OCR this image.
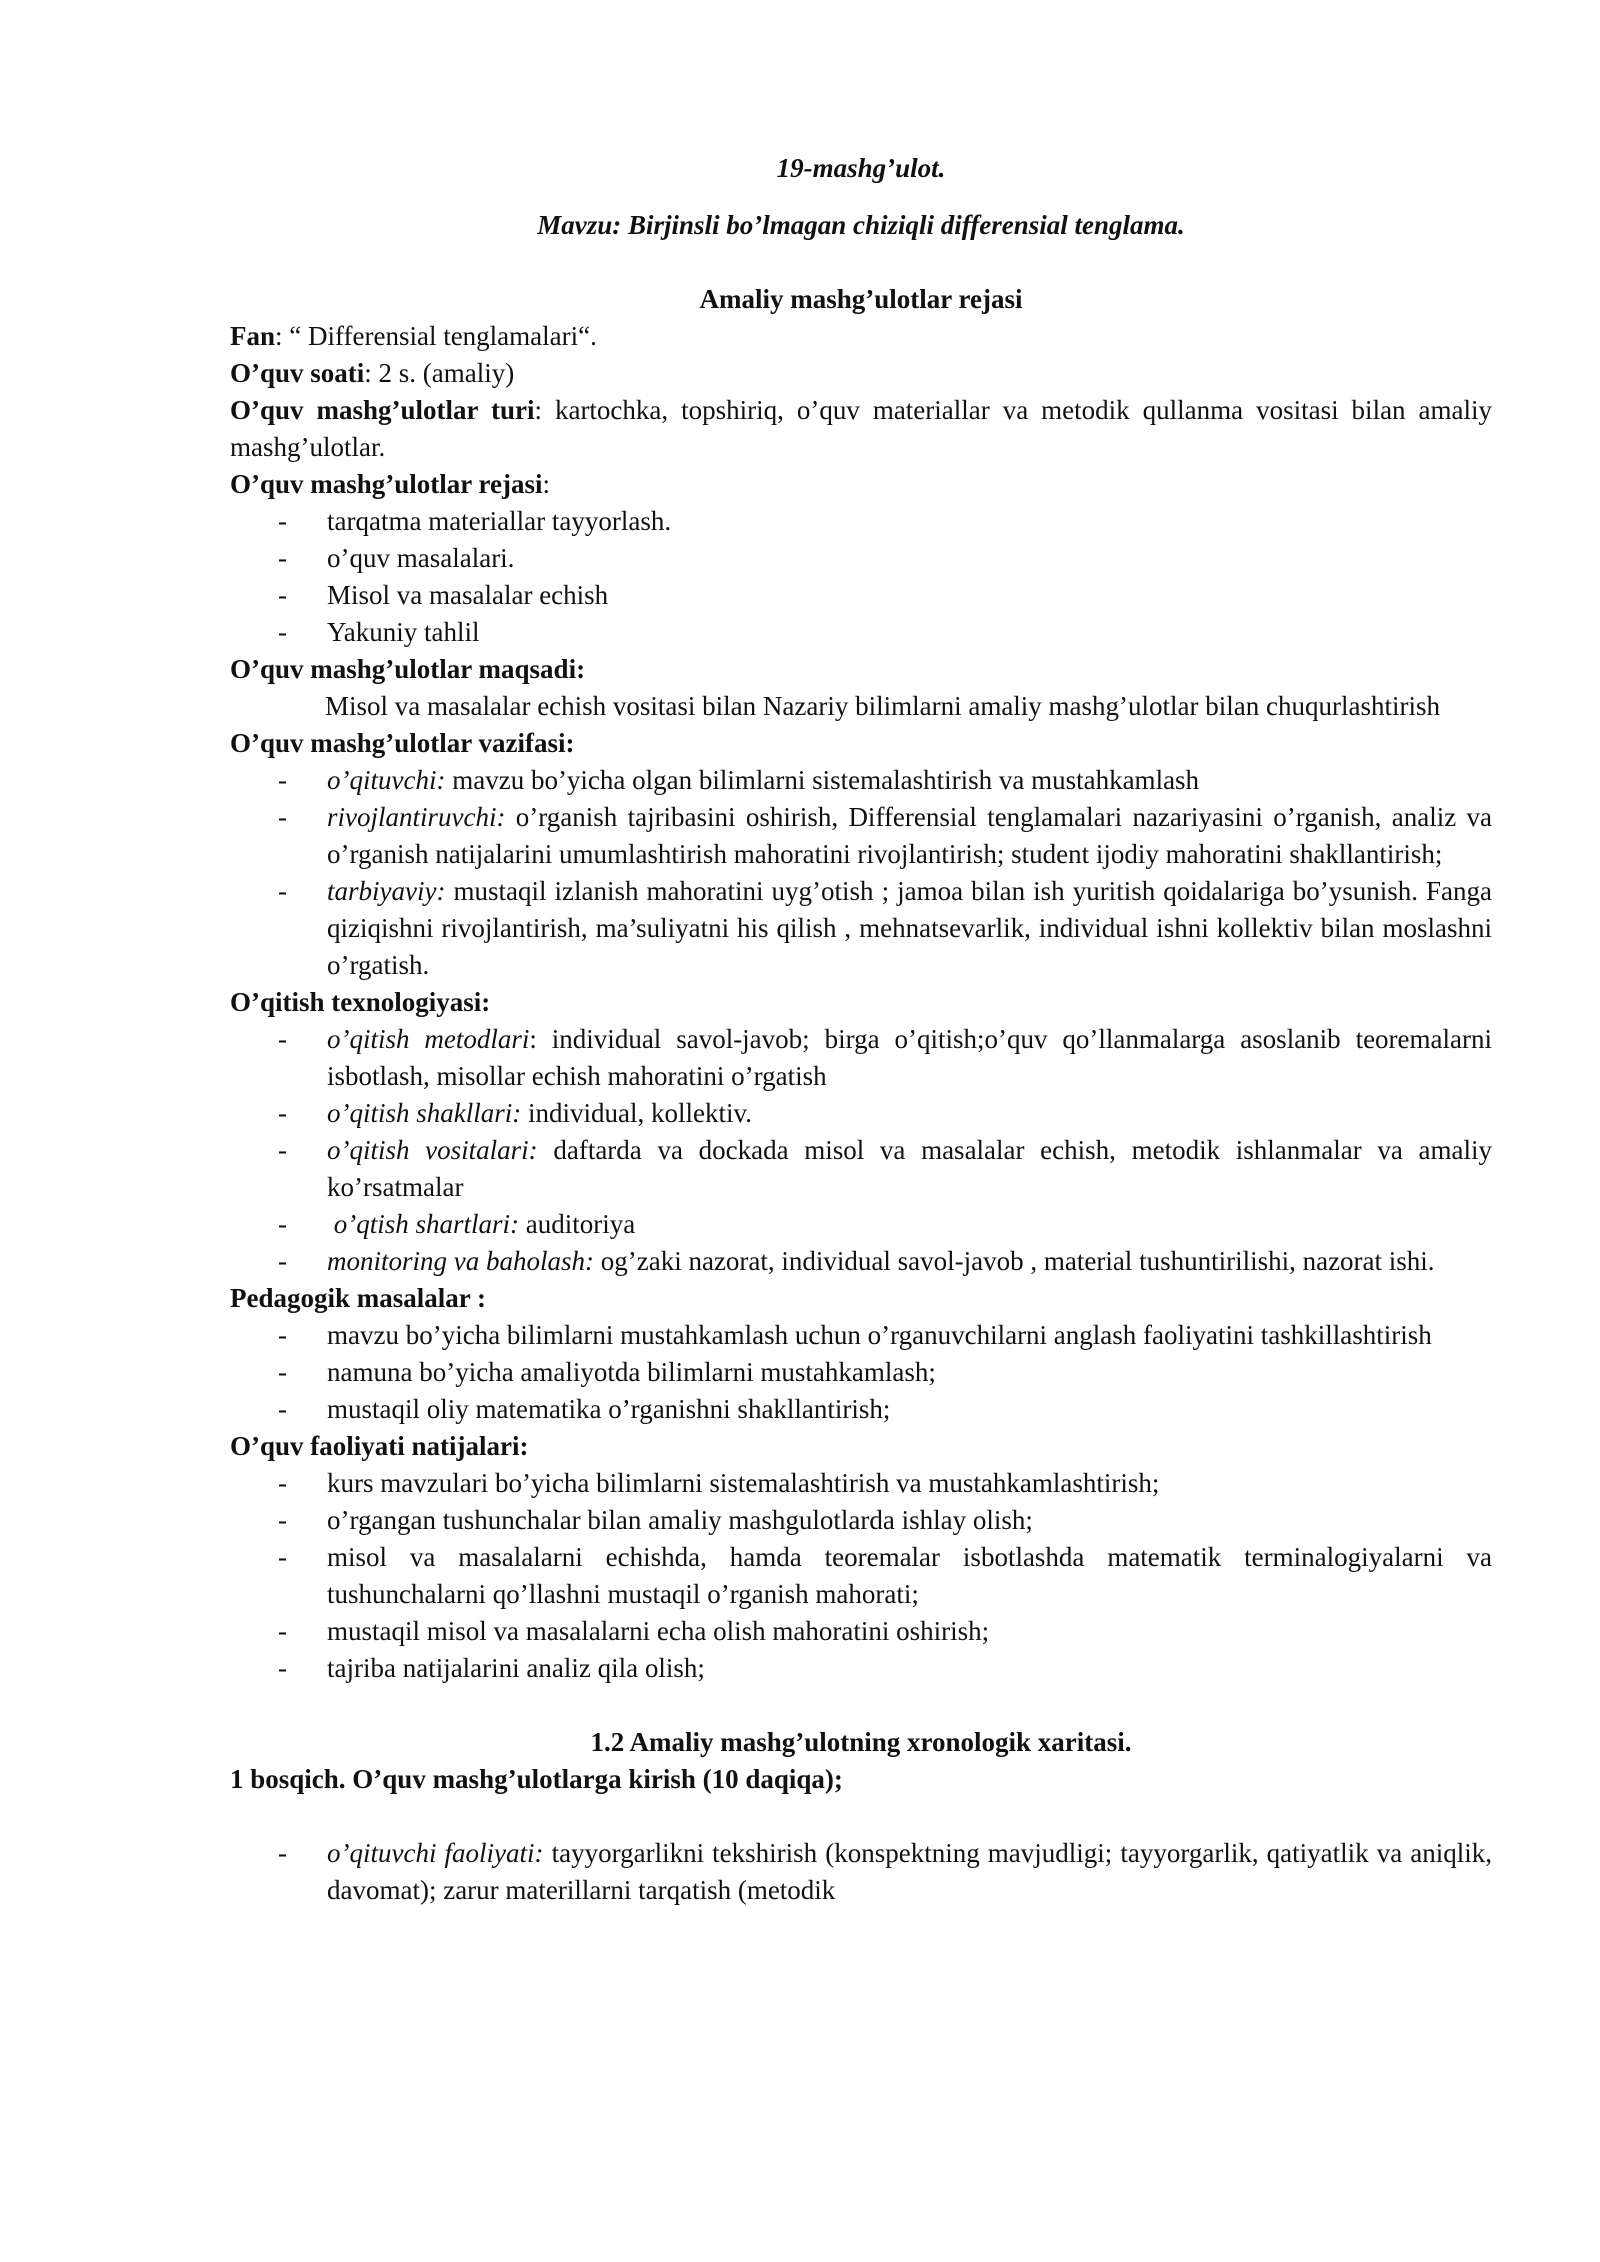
19-mashg’ulot.

Mavzu: Birjinsli bo’lmagan chiziqli differensial tenglama.

Amaliy mashg’ulotlar rejasi

Fan: “ Differensial tenglamalari“.

O’quv soati: 2 s. (amaliy)

O’quv mashg’ulotlar turi: kartochka, topshiriq, o’quv materiallar va metodik qullanma vositasi bilan amaliy mashg’ulotlar.

O’quv mashg’ulotlar rejasi:

- tarqatma materiallar tayyorlash.
- o’quv masalalari.
- Misol va masalalar echish
- Yakuniy tahlil

O’quv mashg’ulotlar maqsadi:

Misol va masalalar echish vositasi bilan Nazariy bilimlarni amaliy mashg’ulotlar bilan chuqurlashtirish

O’quv mashg’ulotlar vazifasi:

- o’qituvchi: mavzu bo’yicha olgan bilimlarni sistemalashtirish va mustahkamlash
- rivojlantiruvchi: o’rganish tajribasini oshirish, Differensial tenglamalari nazariyasini o’rganish, analiz va o’rganish natijalarini umumlashtirish mahoratini rivojlantirish; student ijodiy mahoratini shakllantirish;
- tarbiyaviy: mustaqil izlanish mahoratini uyg’otish ; jamoa bilan ish yuritish qoidalariga bo’ysunish. Fanga qiziqishni rivojlantirish, ma’suliyatni his qilish , mehnatsevarlik, individual ishni kollektiv bilan moslashni o’rgatish.

O’qitish texnologiyasi:

- o’qitish metodlari: individual savol-javob; birga o’qitish;o’quv qo’llanmalarga asoslanib teoremalarni isbotlash, misollar echish mahoratini o’rgatish
- o’qitish shakllari: individual, kollektiv.
- o’qitish vositalari: daftarda va dockada misol va masalalar echish, metodik ishlanmalar va amaliy ko’rsatmalar
-  o’qtish shartlari: auditoriya
- monitoring va baholash: og’zaki nazorat, individual savol-javob , material tushuntirilishi, nazorat ishi.

Pedagogik masalalar :

- mavzu bo’yicha bilimlarni mustahkamlash uchun o’rganuvchilarni anglash faoliyatini tashkillashtirish
- namuna bo’yicha amaliyotda bilimlarni mustahkamlash;
- mustaqil oliy matematika o’rganishni shakllantirish;

O’quv faoliyati natijalari:

- kurs mavzulari bo’yicha bilimlarni sistemalashtirish va mustahkamlashtirish;
- o’rgangan tushunchalar bilan amaliy mashgulotlarda ishlay olish;
- misol va masalalarni echishda, hamda teoremalar isbotlashda matematik terminalogiyalarni va tushunchalarni qo’llashni mustaqil o’rganish mahorati;
- mustaqil misol va masalalarni echa olish mahoratini oshirish;
- tajriba natijalarini analiz qila olish;

1.2 Amaliy mashg’ulotning xronologik xaritasi.

1 bosqich. O’quv mashg’ulotlarga kirish (10 daqiqa);

- o’qituvchi faoliyati: tayyorgarlikni tekshirish (konspektning mavjudligi; tayyorgarlik, qatiyatlik va aniqlik, davomat); zarur materillarni tarqatish (metodik
